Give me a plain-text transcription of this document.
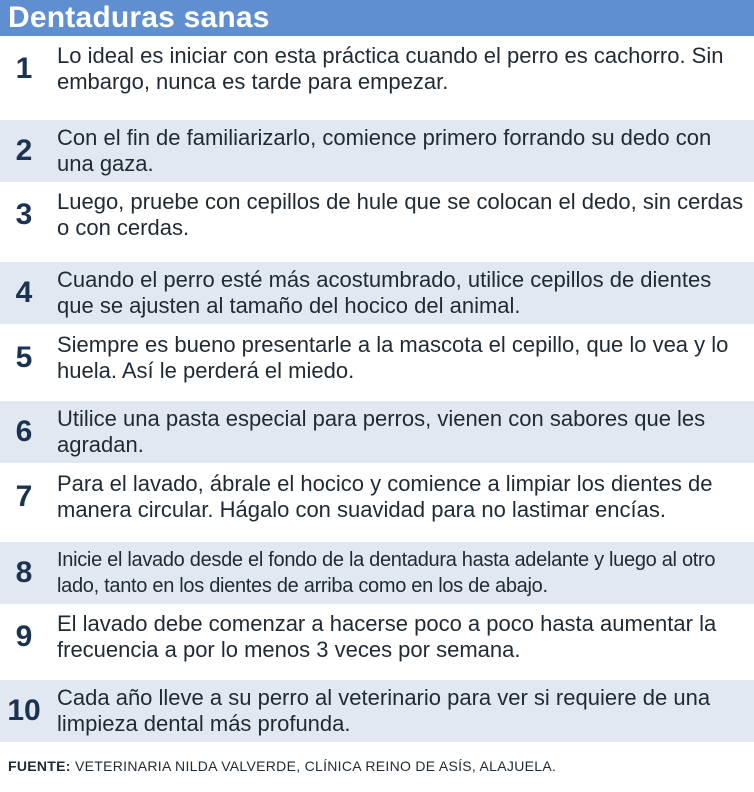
Dentaduras sanas
1	Lo ideal es iniciar con esta práctica cuando el perro es cachorro. Sin embargo, nunca es tarde para empezar.
2	Con el fin de familiarizarlo, comience primero forrando su dedo con una gaza.
3	Luego, pruebe con cepillos de hule que se colocan el dedo, sin cerdas o con cerdas.
4	Cuando el perro esté más acostumbrado, utilice cepillos de dientes que se ajusten al tamaño del hocico del animal.
5	Siempre es bueno presentarle a la mascota el cepillo, que lo vea y lo huela. Así le perderá el miedo.
6	Utilice una pasta especial para perros, vienen con sabores que les agradan.
7	Para el lavado, ábrale el hocico y comience a limpiar los dientes de manera circular. Hágalo con suavidad para no lastimar encías.
8	Inicie el lavado desde el fondo de la dentadura hasta adelante y luego al otro lado, tanto en los dientes de arriba como en los de abajo.
9	El lavado debe comenzar a hacerse poco a poco hasta aumentar la frecuencia a por lo menos 3 veces por semana.
10 Cada año lleve a su perro al veterinario para ver si requiere de una limpieza dental más profunda.
FUENTE: VETERINARIA NILDA VALVERDE, CLÍNICA REINO DE ASÍS, ALAJUELA.
